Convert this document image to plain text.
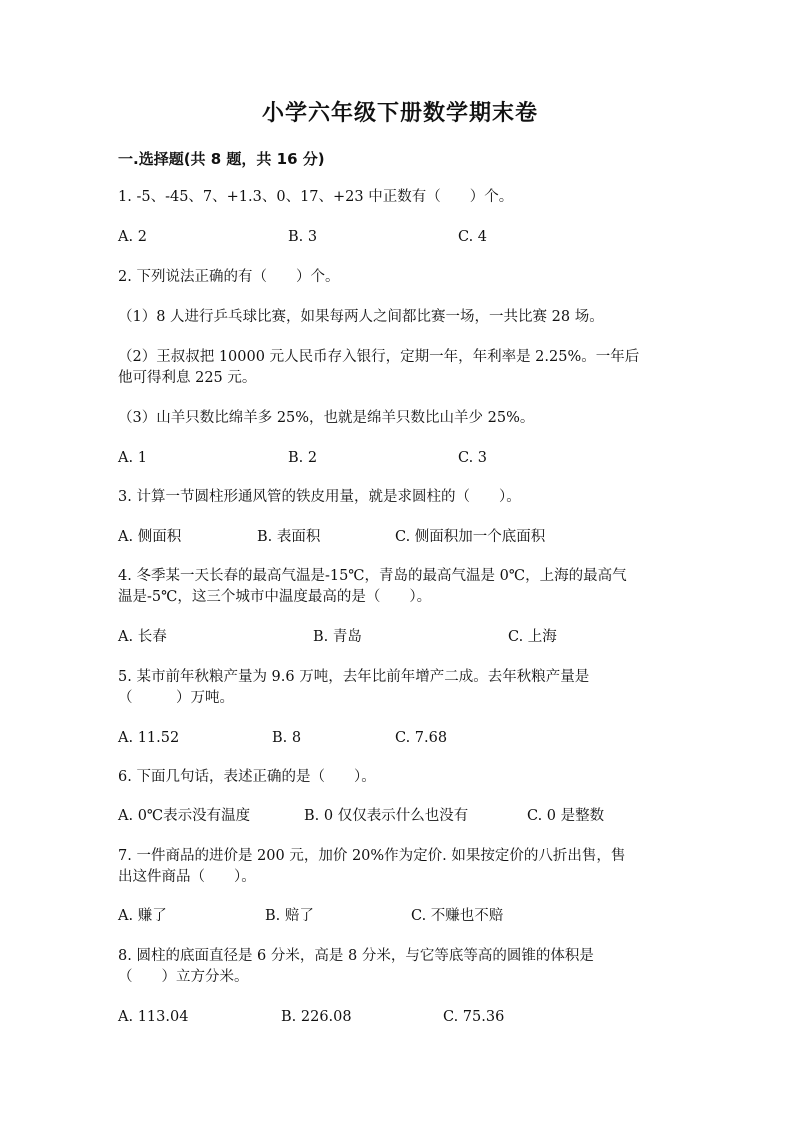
小学六年级下册数学期末卷
一.选择题(共 8 题，共 16 分)
1. -5、-45、7、+1.3、0、17、+23 中正数有（　　）个。
A. 2	B. 3	C. 4
2. 下列说法正确的有（　　）个。
（1）8 人进行乒乓球比赛，如果每两人之间都比赛一场，一共比赛 28 场。
（2）王叔叔把 10000 元人民币存入银行，定期一年，年利率是 2.25%。一年后
他可得利息 225 元。
（3）山羊只数比绵羊多 25%，也就是绵羊只数比山羊少 25%。
A. 1	B. 2	C. 3
3. 计算一节圆柱形通风管的铁皮用量，就是求圆柱的（　　）。
A. 侧面积	B. 表面积	C. 侧面积加一个底面积
4. 冬季某一天长春的最高气温是-15℃，青岛的最高气温是 0℃，上海的最高气
温是-5℃，这三个城市中温度最高的是（　　）。
A. 长春	B. 青岛	C. 上海
5. 某市前年秋粮产量为 9.6 万吨，去年比前年增产二成。去年秋粮产量是
（　　　）万吨。
A. 11.52	B. 8	C. 7.68
6. 下面几句话，表述正确的是（　　）。
A. 0℃表示没有温度	B. 0 仅仅表示什么也没有	C. 0 是整数
7. 一件商品的进价是 200 元，加价 20%作为定价. 如果按定价的八折出售，售
出这件商品（　　）。
A. 赚了	B. 赔了	C. 不赚也不赔
8. 圆柱的底面直径是 6 分米，高是 8 分米，与它等底等高的圆锥的体积是
（　　）立方分米。
A. 113.04	B. 226.08	C. 75.36
